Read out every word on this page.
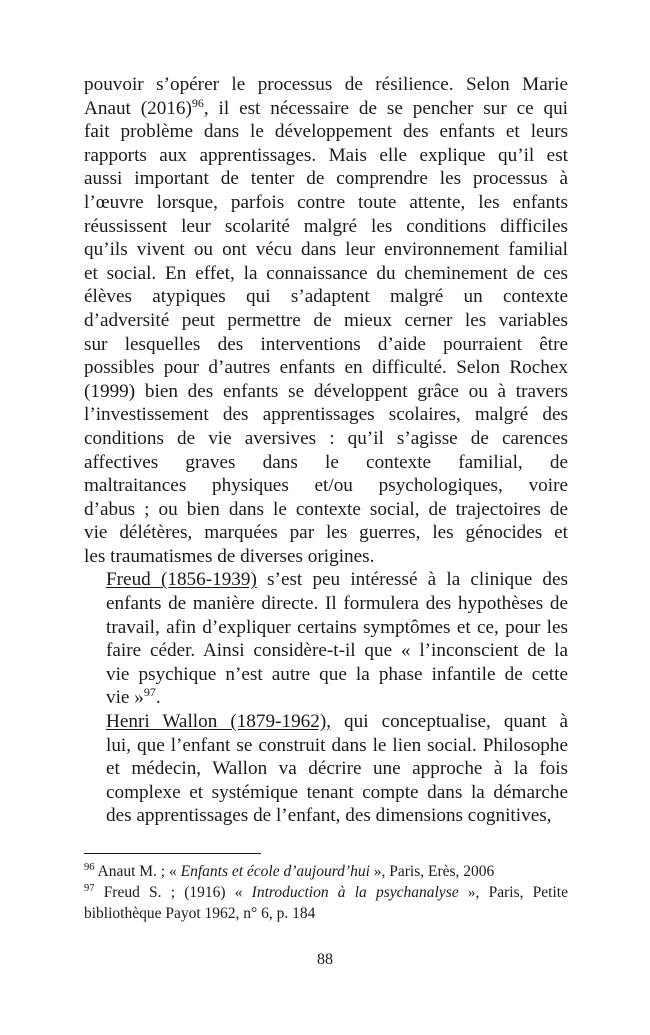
pouvoir s’opérer le processus de résilience. Selon Marie
Anaut $(2016)^{96}$, il est nécessaire de se pencher sur ce qui
fait problème dans le développement des enfants et leurs
rapports aux apprentissages. Mais elle explique qu’il est
aussi important de tenter de comprendre les processus à
l’œuvre lorsque, parfois contre toute attente, les enfants
réussissent leur scolarité malgré les conditions difficiles
qu’ils vivent ou ont vécu dans leur environnement familial
et social. En effet, la connaissance du cheminement de ces
élèves atypiques qui s’adaptent malgré un contexte
d’adversité peut permettre de mieux cerner les variables
sur lesquelles des interventions d’aide pourraient être
possibles pour d’autres enfants en difficulté. Selon Rochex
(1999) bien des enfants se développent grâce ou à travers
l’investissement des apprentissages scolaires, malgré des
conditions de vie aversives : qu’il s’agisse de carences
affectives graves dans le contexte familial, de
maltraitances physiques et/ou psychologiques, voire
d’abus ; ou bien dans le contexte social, de trajectoires de
vie délétères, marquées par les guerres, les génocides et
les traumatismes de diverses origines.

Freud (1856-1939) s’est peu intéressé à la clinique des
enfants de manière directe. Il formulera des hypothèses de
travail, afin d’expliquer certains symptômes et ce, pour les
faire céder. Ainsi considère-t-il que « l’inconscient de la
vie psychique n’est autre que la phase infantile de cette
vie »$^{97}$.

Henri Wallon (1879-1962), qui conceptualise, quant à
lui, que l’enfant se construit dans le lien social. Philosophe
et médecin, Wallon va décrire une approche à la fois
complexe et systémique tenant compte dans la démarche
des apprentissages de l’enfant, des dimensions cognitives,

$^{96}$ Anaut M. ; « Enfants et école d’aujourd’hui », Paris, Erès, 2006

$^{97}$ Freud S. ; (1916) « Introduction à la psychanalyse », Paris, Petite
bibliothèque Payot 1962, n° 6, p. 184

88
